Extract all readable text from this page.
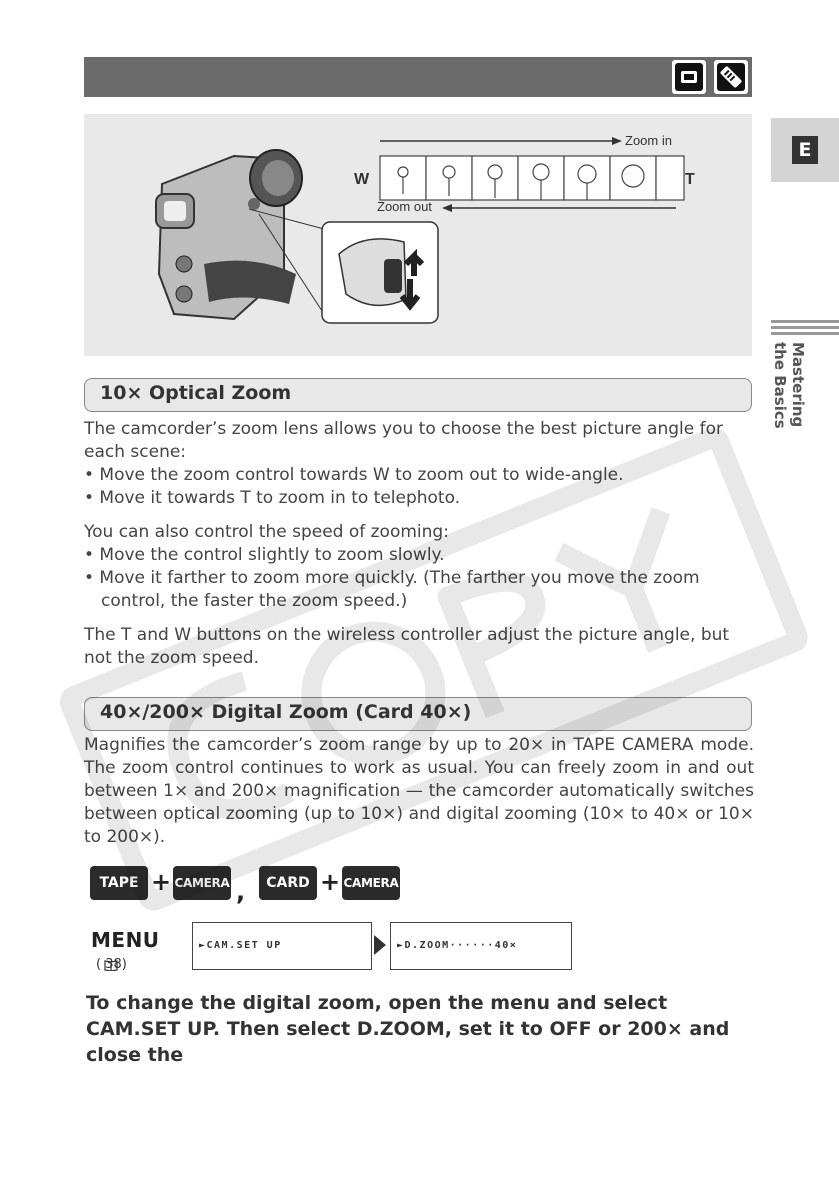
E
Mastering
the Basics
Zoom in
Zoom out
W	T
10× Optical Zoom

The camcorder’s zoom lens allows you to choose the best picture angle for each scene:

• Move the zoom control towards W to zoom out to wide-angle.

• Move it towards T to zoom in to telephoto.

You can also control the speed of zooming:

• Move the control slightly to zoom slowly.

• Move it farther to zoom more quickly. (The farther you move the zoom control, the faster the zoom speed.)

The T and W buttons on the wireless controller adjust the picture angle, but not the zoom speed.

40×/200× Digital Zoom (Card 40×)

Magnifies the camcorder’s zoom range by up to 20× in TAPE CAMERA mode. The zoom control continues to work as usual. You can freely zoom in and out between 1× and 200× magnification — the camcorder automatically switches between optical zooming (up to 10×) and digital zooming (10× to 40× or 10× to 200×).

TAPE + CAMERA ,	CARD + CAMERA
MENU
( 38)
►CAM.SET UP	►D.ZOOM······40×
To change the digital zoom, open the menu and select CAM.SET UP. Then select D.ZOOM, set it to OFF or 200× and close the
